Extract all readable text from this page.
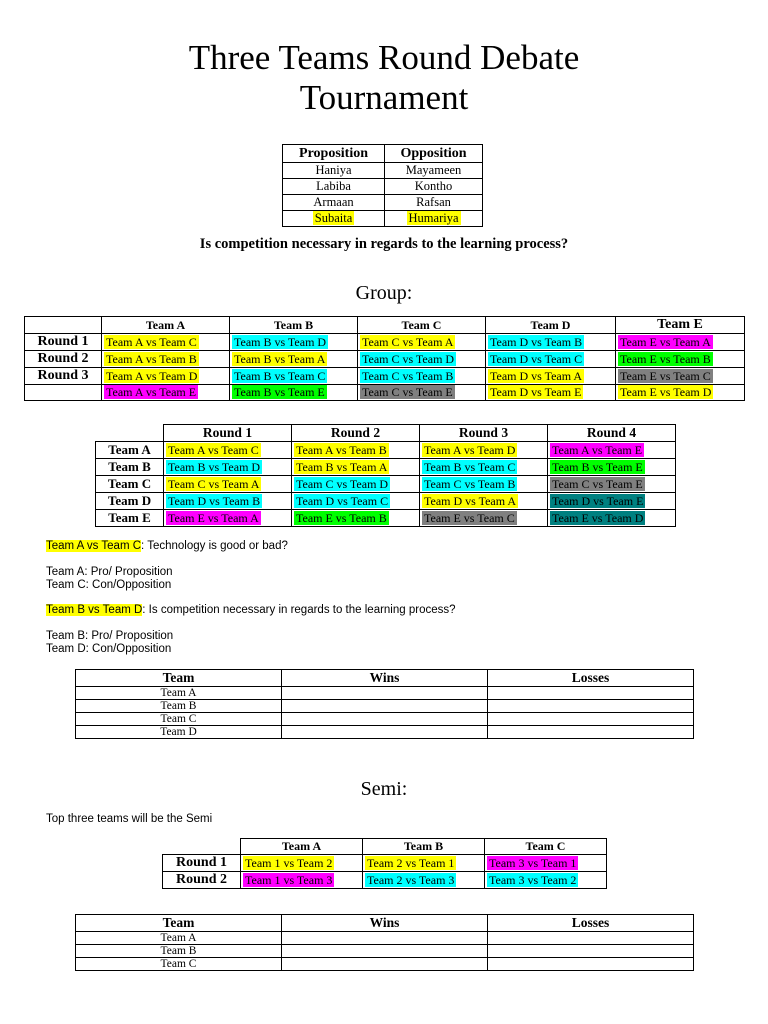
Three Teams Round Debate
Tournament
Proposition	Opposition
Haniya	Mayameen
Labiba	Kontho
Armaan	Rafsan
Subaita	Humariya
Is competition necessary in regards to the learning process?
Group:
	Team A	Team B	Team C	Team D	Team E
Round 1	Team A vs Team C	Team B vs Team D	Team C vs Team A	Team D vs Team B	Team E vs Team A
Round 2	Team A vs Team B	Team B vs Team A	Team C vs Team D	Team D vs Team C	Team E vs Team B
Round 3	Team A vs Team D	Team B vs Team C	Team C vs Team B	Team D vs Team A	Team E vs Team C
	Team A vs Team E	Team B vs Team E	Team C vs Team E	Team D vs Team E	Team E vs Team D
	Round 1	Round 2	Round 3	Round 4
Team A	Team A vs Team C	Team A vs Team B	Team A vs Team D	Team A vs Team E
Team B	Team B vs Team D	Team B vs Team A	Team B vs Team C	Team B vs Team E
Team C	Team C vs Team A	Team C vs Team D	Team C vs Team B	Team C vs Team E
Team D	Team D vs Team B	Team D vs Team C	Team D vs Team A	Team D vs Team E
Team E	Team E vs Team A	Team E vs Team B	Team E vs Team C	Team E vs Team D
Team A vs Team C: Technology is good or bad?
Team A: Pro/ Proposition
Team C: Con/Opposition
Team B vs Team D: Is competition necessary in regards to the learning process?
Team B: Pro/ Proposition
Team D: Con/Opposition
Team	Wins	Losses
Team A		
Team B		
Team C		
Team D		
Semi:
Top three teams will be the Semi
	Team A	Team B	Team C
Round 1	Team 1 vs Team 2	Team 2 vs Team 1	Team 3 vs Team 1
Round 2	Team 1 vs Team 3	Team 2 vs Team 3	Team 3 vs Team 2
Team	Wins	Losses
Team A		
Team B		
Team C		
